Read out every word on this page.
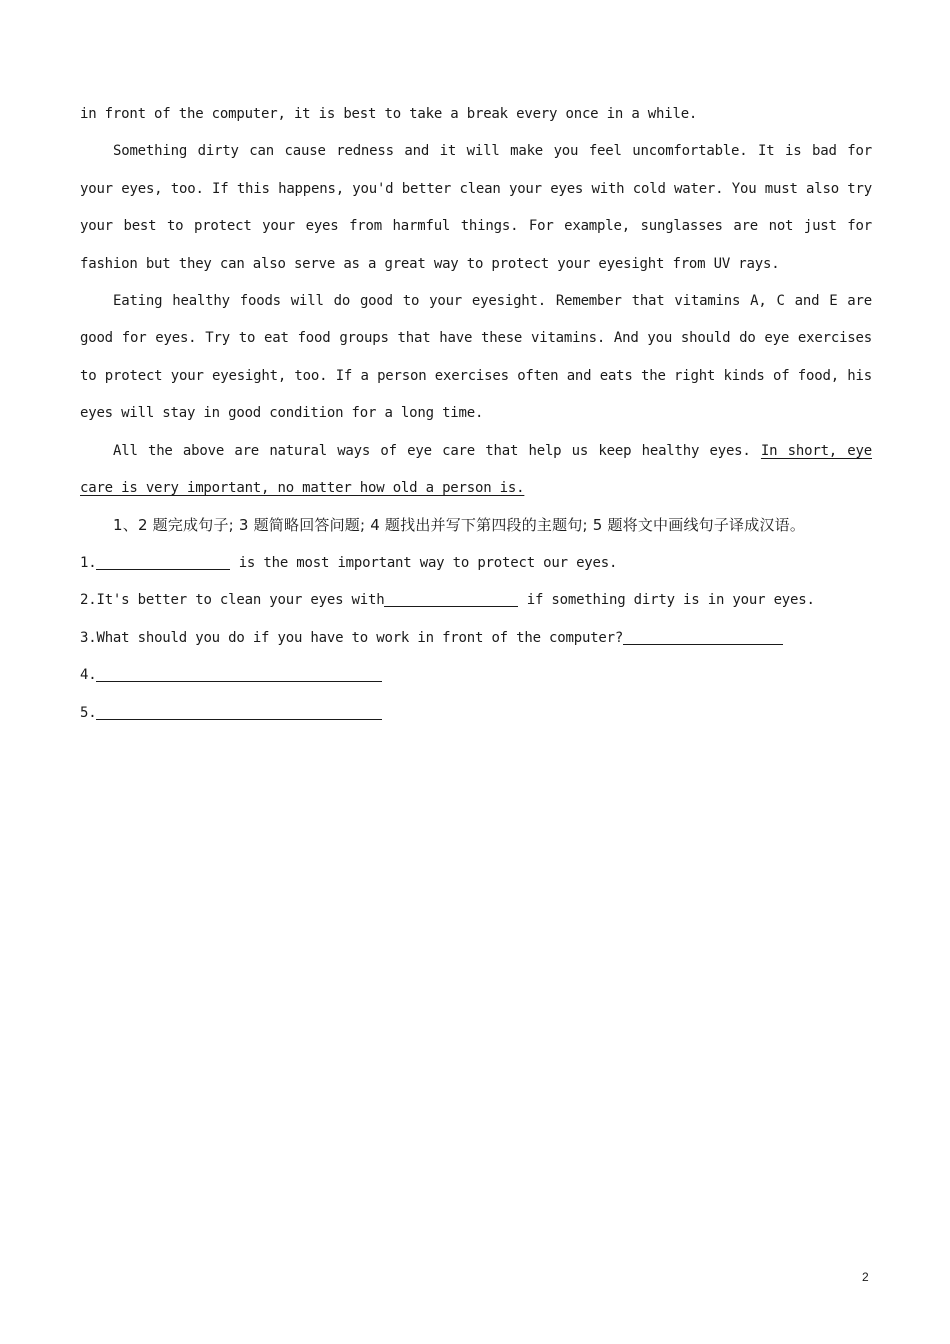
in front of the computer, it is best to take a break every once in a while.

Something dirty can cause redness and it will make you feel uncomfortable. It is bad for your eyes, too. If this happens, you'd better clean your eyes with cold water. You must also try your best to protect your eyes from harmful things. For example, sunglasses are not just for fashion but they can also serve as a great way to protect your eyesight from UV rays.

Eating healthy foods will do good to your eyesight. Remember that vitamins A, C and E are good for eyes. Try to eat food groups that have these vitamins. And you should do eye exercises to protect your eyesight, too. If a person exercises often and eats the right kinds of food, his eyes will stay in good condition for a long time.

All the above are natural ways of eye care that help us keep healthy eyes. In short, eye care is very important, no matter how old a person is.

1、2 题完成句子; 3 题简略回答问题; 4 题找出并写下第四段的主题句; 5 题将文中画线句子译成汉语。

1.	is the most important way to protect our eyes.

2.It's better to clean your eyes with	if something dirty is in your eyes.

3.What should you do if you have to work in front of the computer?

4.

5.

2
